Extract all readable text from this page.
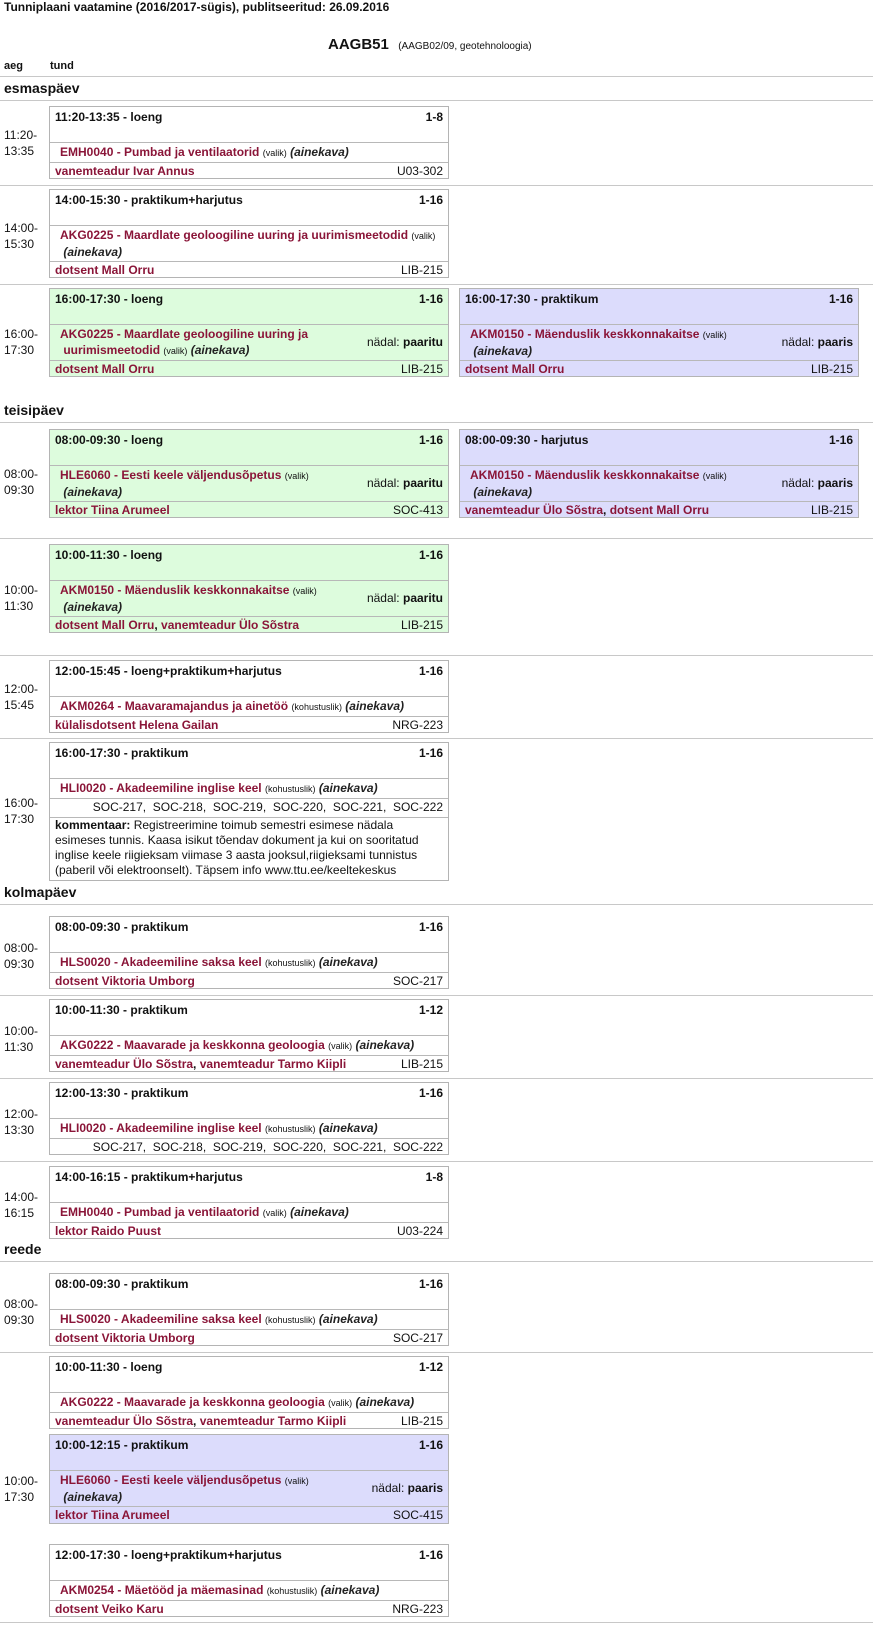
Tunniplaani vaatamine (2016/2017-sügis), publitseeritud: 26.09.2016
AAGB51 (AAGB02/09, geotehnoloogia)
aeg tund
esmaspäev
11:20-
13:35
11:20-13:35 - loeng	1-8
EMH0040 - Pumbad ja ventilaatorid (valik) (ainekava)
vanemteadur Ivar Annus	U03-302
14:00-
15:30
14:00-15:30 - praktikum+harjutus	1-16
AKG0225 - Maardlate geoloogiline uuring ja uurimismeetodid (valik)
(ainekava)
dotsent Mall Orru	LIB-215
16:00-
17:30
16:00-17:30 - loeng	1-16
AKG0225 - Maardlate geoloogiline uuring ja
uurimismeetodid (valik) (ainekava)
nädal: paaritu
dotsent Mall Orru	LIB-215
16:00-17:30 - praktikum	1-16
AKM0150 - Mäenduslik keskkonnakaitse (valik)
(ainekava)
nädal: paaris
dotsent Mall Orru	LIB-215
teisipäev
08:00-
09:30
08:00-09:30 - loeng	1-16
HLE6060 - Eesti keele väljendusõpetus (valik)
(ainekava)
nädal: paaritu
lektor Tiina Arumeel	SOC-413
08:00-09:30 - harjutus	1-16
AKM0150 - Mäenduslik keskkonnakaitse (valik)
(ainekava)
nädal: paaris
vanemteadur Ülo Sõstra, dotsent Mall Orru	LIB-215
10:00-
11:30
10:00-11:30 - loeng	1-16
AKM0150 - Mäenduslik keskkonnakaitse (valik)
(ainekava)
nädal: paaritu
dotsent Mall Orru, vanemteadur Ülo Sõstra	LIB-215
12:00-
15:45
12:00-15:45 - loeng+praktikum+harjutus	1-16
AKM0264 - Maavaramajandus ja ainetöö (kohustuslik) (ainekava)
külalisdotsent Helena Gailan	NRG-223
16:00-
17:30
16:00-17:30 - praktikum	1-16
HLI0020 - Akadeemiline inglise keel (kohustuslik) (ainekava)
SOC-217,  SOC-218,  SOC-219,  SOC-220,  SOC-221,  SOC-222
kommentaar: Registreerimine toimub semestri esimese nädala
esimeses tunnis. Kaasa isikut tõendav dokument ja kui on sooritatud
inglise keele riigieksam viimase 3 aasta jooksul,riigieksami tunnistus
(paberil või elektroonselt). Täpsem info www.ttu.ee/keeltekeskus
kolmapäev
08:00-
09:30
08:00-09:30 - praktikum	1-16
HLS0020 - Akadeemiline saksa keel (kohustuslik) (ainekava)
dotsent Viktoria Umborg	SOC-217
10:00-
11:30
10:00-11:30 - praktikum	1-12
AKG0222 - Maavarade ja keskkonna geoloogia (valik) (ainekava)
vanemteadur Ülo Sõstra, vanemteadur Tarmo Kiipli	LIB-215
12:00-
13:30
12:00-13:30 - praktikum	1-16
HLI0020 - Akadeemiline inglise keel (kohustuslik) (ainekava)
SOC-217,  SOC-218,  SOC-219,  SOC-220,  SOC-221,  SOC-222
14:00-
16:15
14:00-16:15 - praktikum+harjutus	1-8
EMH0040 - Pumbad ja ventilaatorid (valik) (ainekava)
lektor Raido Puust	U03-224
reede
08:00-
09:30
08:00-09:30 - praktikum	1-16
HLS0020 - Akadeemiline saksa keel (kohustuslik) (ainekava)
dotsent Viktoria Umborg	SOC-217
10:00-
17:30
10:00-11:30 - loeng	1-12
AKG0222 - Maavarade ja keskkonna geoloogia (valik) (ainekava)
vanemteadur Ülo Sõstra, vanemteadur Tarmo Kiipli	LIB-215
10:00-12:15 - praktikum	1-16
HLE6060 - Eesti keele väljendusõpetus (valik)
(ainekava)
nädal: paaris
lektor Tiina Arumeel	SOC-415
12:00-17:30 - loeng+praktikum+harjutus	1-16
AKM0254 - Mäetööd ja mäemasinad (kohustuslik) (ainekava)
dotsent Veiko Karu	NRG-223
